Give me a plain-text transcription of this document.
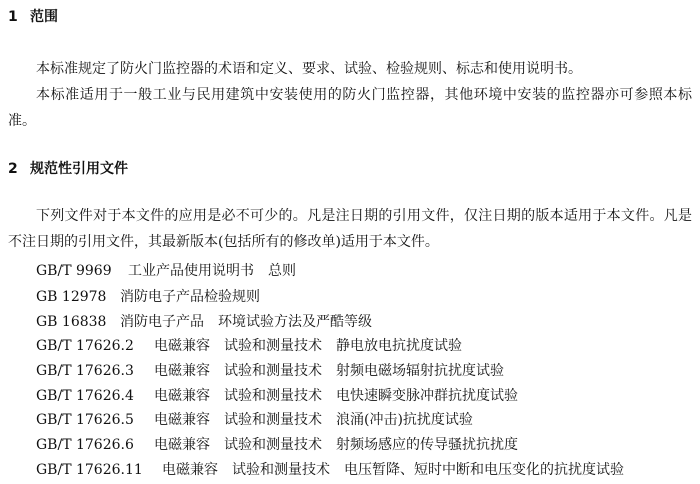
1 范围

本标准规定了防火门监控器的术语和定义、要求、试验、检验规则、标志和使用说明书。

本标准适用于一般工业与民用建筑中安装使用的防火门监控器，其他环境中安装的监控器亦可参照本标准。

2 规范性引用文件

下列文件对于本文件的应用是必不可少的。凡是注日期的引用文件，仅注日期的版本适用于本文件。凡是不注日期的引用文件，其最新版本(包括所有的修改单)适用于本文件。

GB/T 9969 工业产品使用说明书　总则
GB 12978 消防电子产品检验规则
GB 16838 消防电子产品　环境试验方法及严酷等级
GB/T 17626.2 电磁兼容　试验和测量技术　静电放电抗扰度试验
GB/T 17626.3 电磁兼容　试验和测量技术　射频电磁场辐射抗扰度试验
GB/T 17626.4 电磁兼容　试验和测量技术　电快速瞬变脉冲群抗扰度试验
GB/T 17626.5 电磁兼容　试验和测量技术　浪涌(冲击)抗扰度试验
GB/T 17626.6 电磁兼容　试验和测量技术　射频场感应的传导骚扰抗扰度
GB/T 17626.11 电磁兼容　试验和测量技术　电压暂降、短时中断和电压变化的抗扰度试验
